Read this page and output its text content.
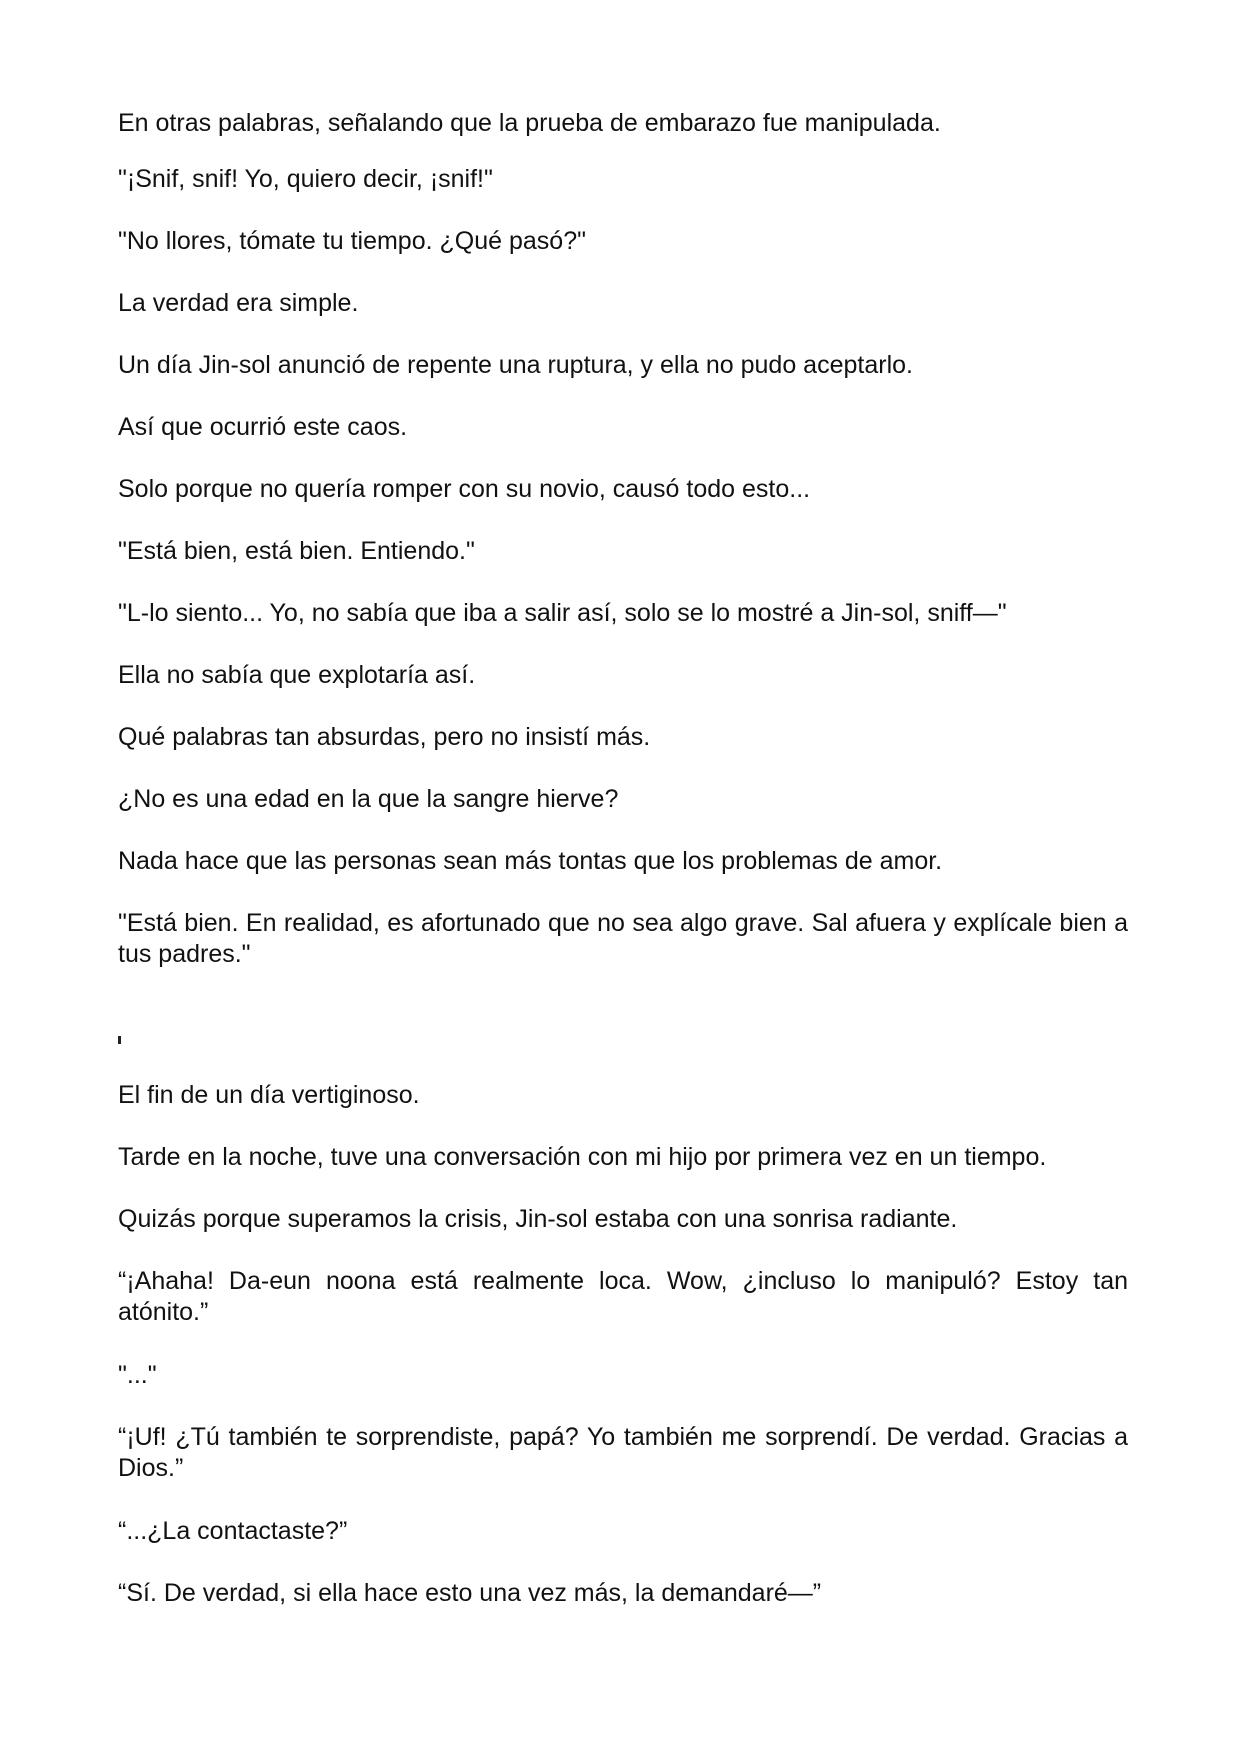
En otras palabras, señalando que la prueba de embarazo fue manipulada.

"¡Snif, snif! Yo, quiero decir, ¡snif!"

"No llores, tómate tu tiempo. ¿Qué pasó?"

La verdad era simple.

Un día Jin-sol anunció de repente una ruptura, y ella no pudo aceptarlo.

Así que ocurrió este caos.

Solo porque no quería romper con su novio, causó todo esto...

"Está bien, está bien. Entiendo."

"L-lo siento... Yo, no sabía que iba a salir así, solo se lo mostré a Jin-sol, sniff—"

Ella no sabía que explotaría así.

Qué palabras tan absurdas, pero no insistí más.

¿No es una edad en la que la sangre hierve?

Nada hace que las personas sean más tontas que los problemas de amor.

"Está bien. En realidad, es afortunado que no sea algo grave. Sal afuera y explícale bien a tus padres."

El fin de un día vertiginoso.

Tarde en la noche, tuve una conversación con mi hijo por primera vez en un tiempo.

Quizás porque superamos la crisis, Jin-sol estaba con una sonrisa radiante.

“¡Ahaha! Da-eun noona está realmente loca. Wow, ¿incluso lo manipuló? Estoy tan atónito.”

"..."

“¡Uf! ¿Tú también te sorprendiste, papá? Yo también me sorprendí. De verdad. Gracias a Dios.”

“...¿La contactaste?”

“Sí. De verdad, si ella hace esto una vez más, la demandaré—”
